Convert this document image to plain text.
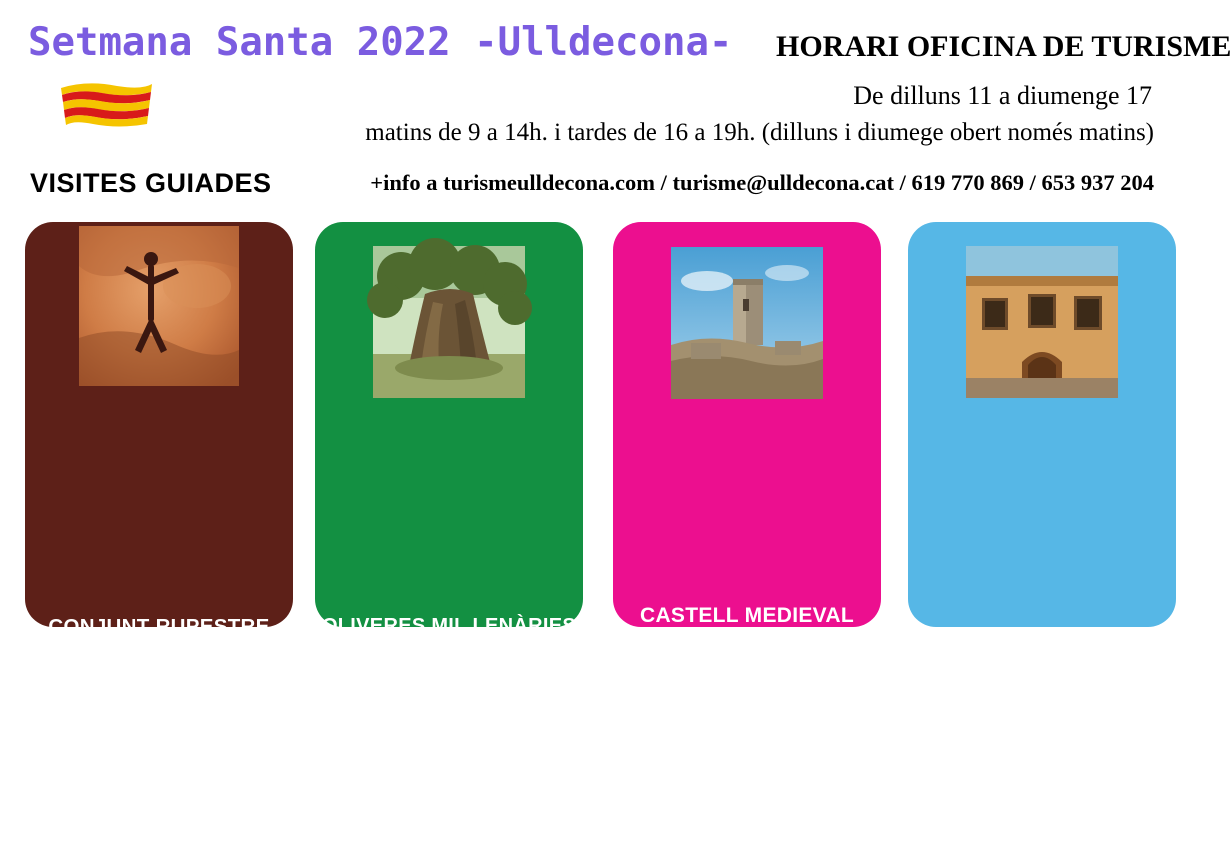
Setmana Santa 2022 -Ulldecona-
VISITES GUIADES
HORARI OFICINA DE TURISME
De dilluns 11 a diumenge 17
matins de 9 a 14h. i tardes de 16 a 19h. (dilluns i diumege obert només matins)
+info a turismeulldecona.com / turisme@ulldecona.cat / 619 770 869 / 653 937 204
CONJUNT RUPESTRE
Patromoni de la UNESCO
De dl. 11 a dg. 17 Matins a les 10 i 12h. Tardes a les 17h. Preu: 10€ (tenim tarifes especials)
OLIVERES MIL.LENÀRIES
De dl. 11 a dc. 13 a les 12h. De dj. Sant a dg. a les 10h. dintre de la Ulldecona Cultural (Oliveres+CHistòric+ Conjunt Rupestre dj i ds / Oliveres+Castell Medieval +Conjunt
CASTELL MEDIEVAL
Bé d'Interès Cultural Nacional
De dl. a dc. a les 17h. Visita ordinària. Preu: 10€ / De dj. a dg. a les 17h. Visita en realitat virtual. Preu: 20€ adult/ Dv i ds. a les 12:30 dintre
CENTRE HISTÒRIC
Dj. Sant i ds. a les 12:30h. dintre de la Ulldecona Cultural (A les 10h. Oliveres + CHistòric a les 12:30h +
